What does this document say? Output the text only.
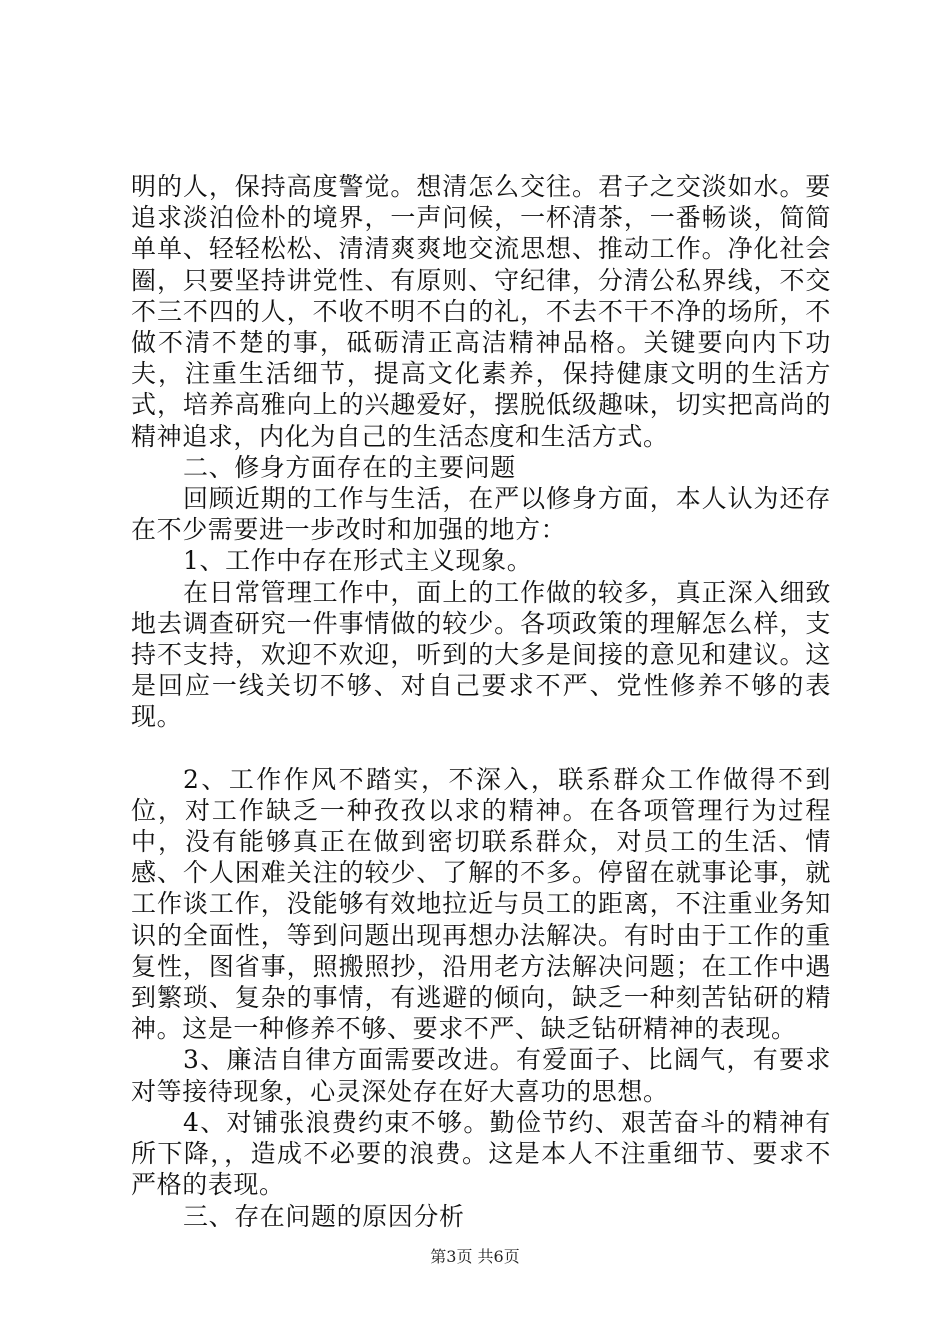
明的人，保持高度警觉。想清怎么交往。君子之交淡如水。要追求淡泊俭朴的境界，一声问候，一杯清茶，一番畅谈，简简单单、轻轻松松、清清爽爽地交流思想、推动工作。净化社会圈，只要坚持讲党性、有原则、守纪律，分清公私界线，不交不三不四的人，不收不明不白的礼，不去不干不净的场所，不做不清不楚的事，砥砺清正高洁精神品格。关键要向内下功夫，注重生活细节，提高文化素养，保持健康文明的生活方式，培养高雅向上的兴趣爱好，摆脱低级趣味，切实把高尚的精神追求，内化为自己的生活态度和生活方式。

二、修身方面存在的主要问题

回顾近期的工作与生活，在严以修身方面，本人认为还存在不少需要进一步改时和加强的地方：

1、工作中存在形式主义现象。

在日常管理工作中，面上的工作做的较多，真正深入细致地去调查研究一件事情做的较少。各项政策的理解怎么样，支持不支持，欢迎不欢迎，听到的大多是间接的意见和建议。这是回应一线关切不够、对自己要求不严、党性修养不够的表现。

2、工作作风不踏实，不深入，联系群众工作做得不到位，对工作缺乏一种孜孜以求的精神。在各项管理行为过程中，没有能够真正在做到密切联系群众，对员工的生活、情感、个人困难关注的较少、了解的不多。停留在就事论事，就工作谈工作，没能够有效地拉近与员工的距离，不注重业务知识的全面性，等到问题出现再想办法解决。有时由于工作的重复性，图省事，照搬照抄，沿用老方法解决问题；在工作中遇到繁琐、复杂的事情，有逃避的倾向，缺乏一种刻苦钻研的精神。这是一种修养不够、要求不严、缺乏钻研精神的表现。

3、廉洁自律方面需要改进。有爱面子、比阔气，有要求对等接待现象，心灵深处存在好大喜功的思想。

4、对铺张浪费约束不够。勤俭节约、艰苦奋斗的精神有所下降，，造成不必要的浪费。这是本人不注重细节、要求不严格的表现。

三、存在问题的原因分析

第3页 共6页
